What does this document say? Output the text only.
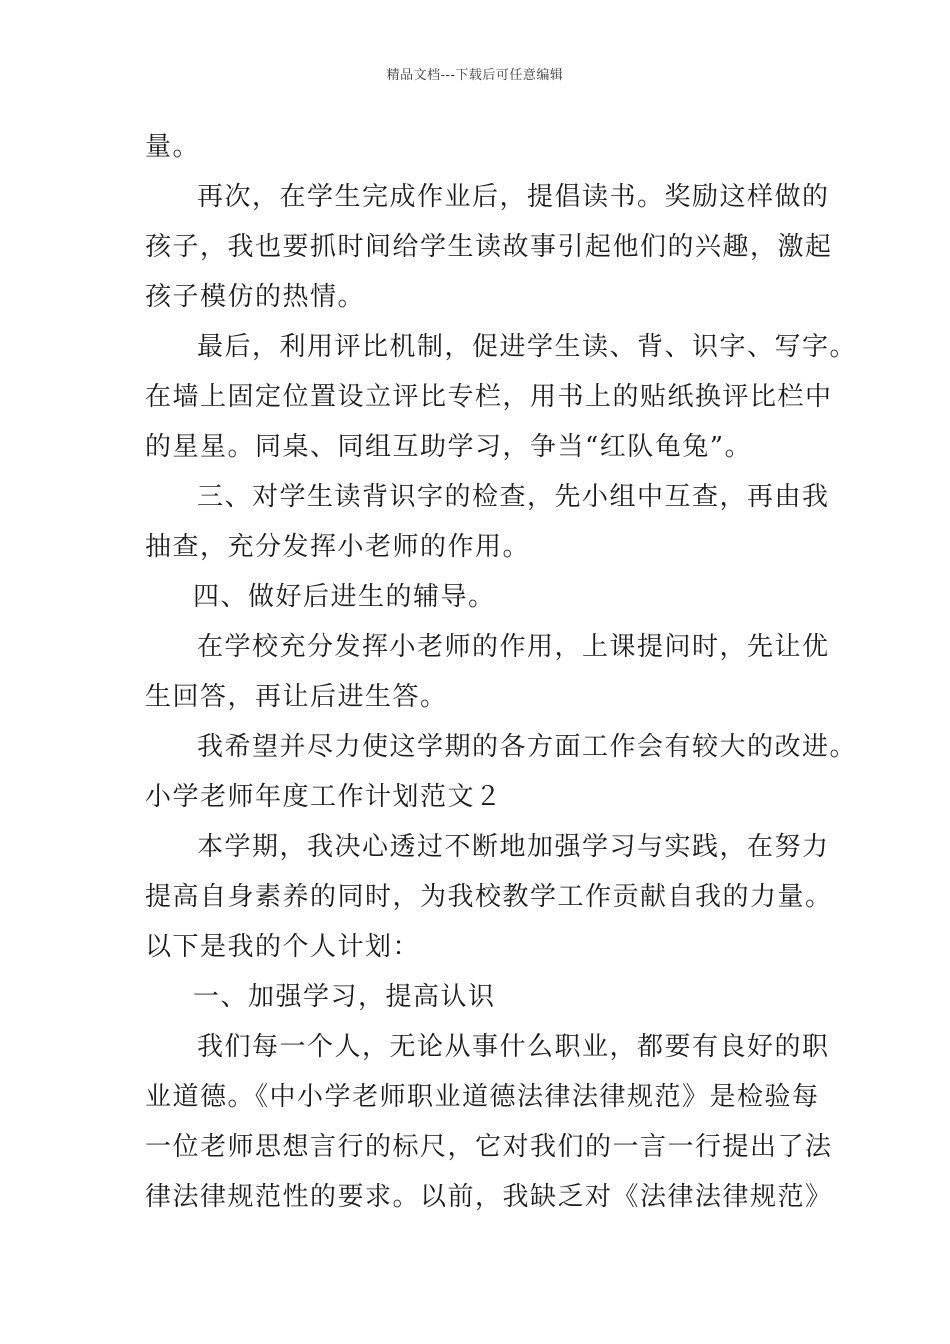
精品文档---下载后可任意编辑
量。
再次，在学生完成作业后，提倡读书。奖励这样做的
孩子，我也要抓时间给学生读故事引起他们的兴趣，激起
孩子模仿的热情。
最后，利用评比机制，促进学生读、背、识字、写字。
在墙上固定位置设立评比专栏，用书上的贴纸换评比栏中
的星星。同桌、同组互助学习，争当“红队龟兔”。
三、对学生读背识字的检查，先小组中互查，再由我
抽查，充分发挥小老师的作用。
四、做好后进生的辅导。
在学校充分发挥小老师的作用，上课提问时，先让优
生回答，再让后进生答。
我希望并尽力使这学期的各方面工作会有较大的改进。
小学老师年度工作计划范文２
本学期，我决心透过不断地加强学习与实践，在努力
提高自身素养的同时，为我校教学工作贡献自我的力量。
以下是我的个人计划：
一、加强学习，提高认识
我们每一个人，无论从事什么职业，都要有良好的职
业道德。《中小学老师职业道德法律法律规范》是检验每
一位老师思想言行的标尺，它对我们的一言一行提出了法
律法律规范性的要求。以前，我缺乏对《法律法律规范》
